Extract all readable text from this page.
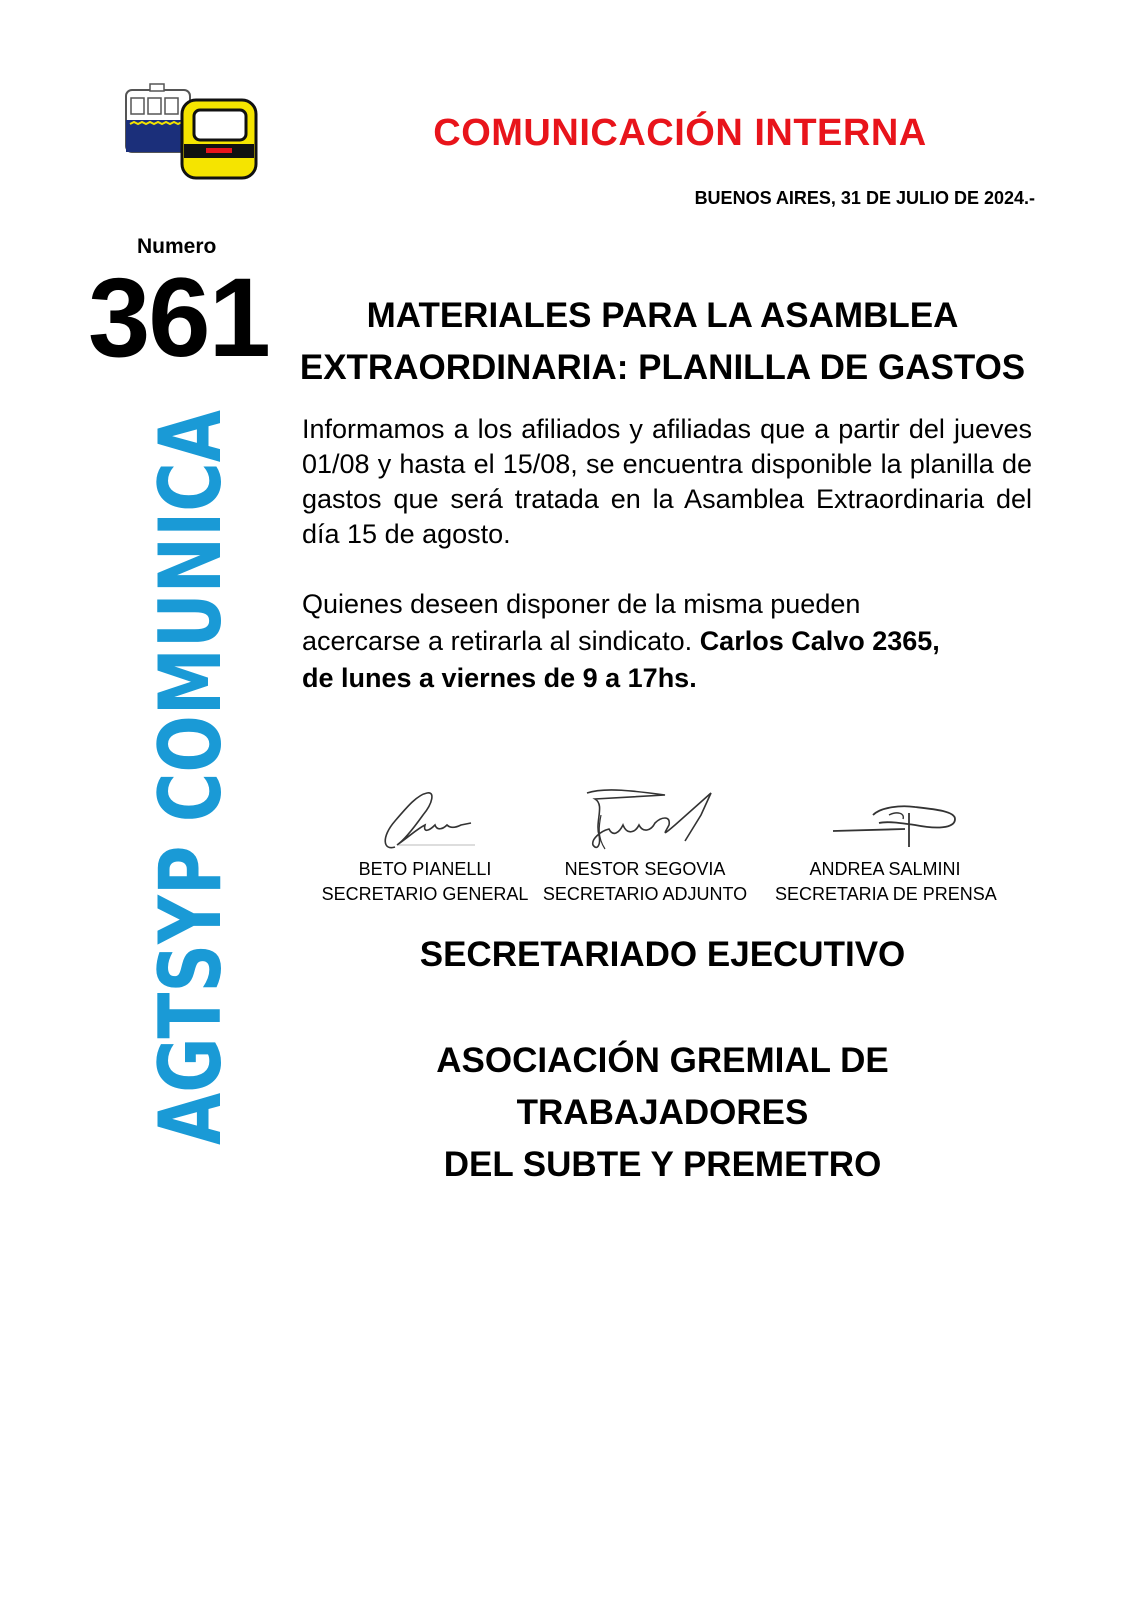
COMUNICACIÓN INTERNA
BUENOS AIRES, 31 DE JULIO DE 2024.-
Numero
361
AGTSYP COMU
MATERIALES PARA LA ASAMBLEA
EXTRAORDINARIA: PLANILLA DE GASTOS

Informamos a los afiliados y afiliadas que a partir del jueves 01/08 y hasta el 15/08, se encuentra disponible la planilla de gastos que será tratada en la Asamblea Extraordinaria del día 15 de agosto.

Quienes deseen disponer de la misma pueden
acercarse a retirarla al sindicato. Carlos Calvo 2365,
de lunes a viernes de 9 a 17hs.

BETO PIANELLI
SECRETARIO GENERAL
NESTOR SEGOVIA
SECRETARIO ADJUNTO
ANDREA SALMINI
SECRETARIA DE PRENSA
SECRETARIADO EJECUTIVO
ASOCIACIÓN GREMIAL DE TRABAJADORES
DEL SUBTE Y PREMETRO
